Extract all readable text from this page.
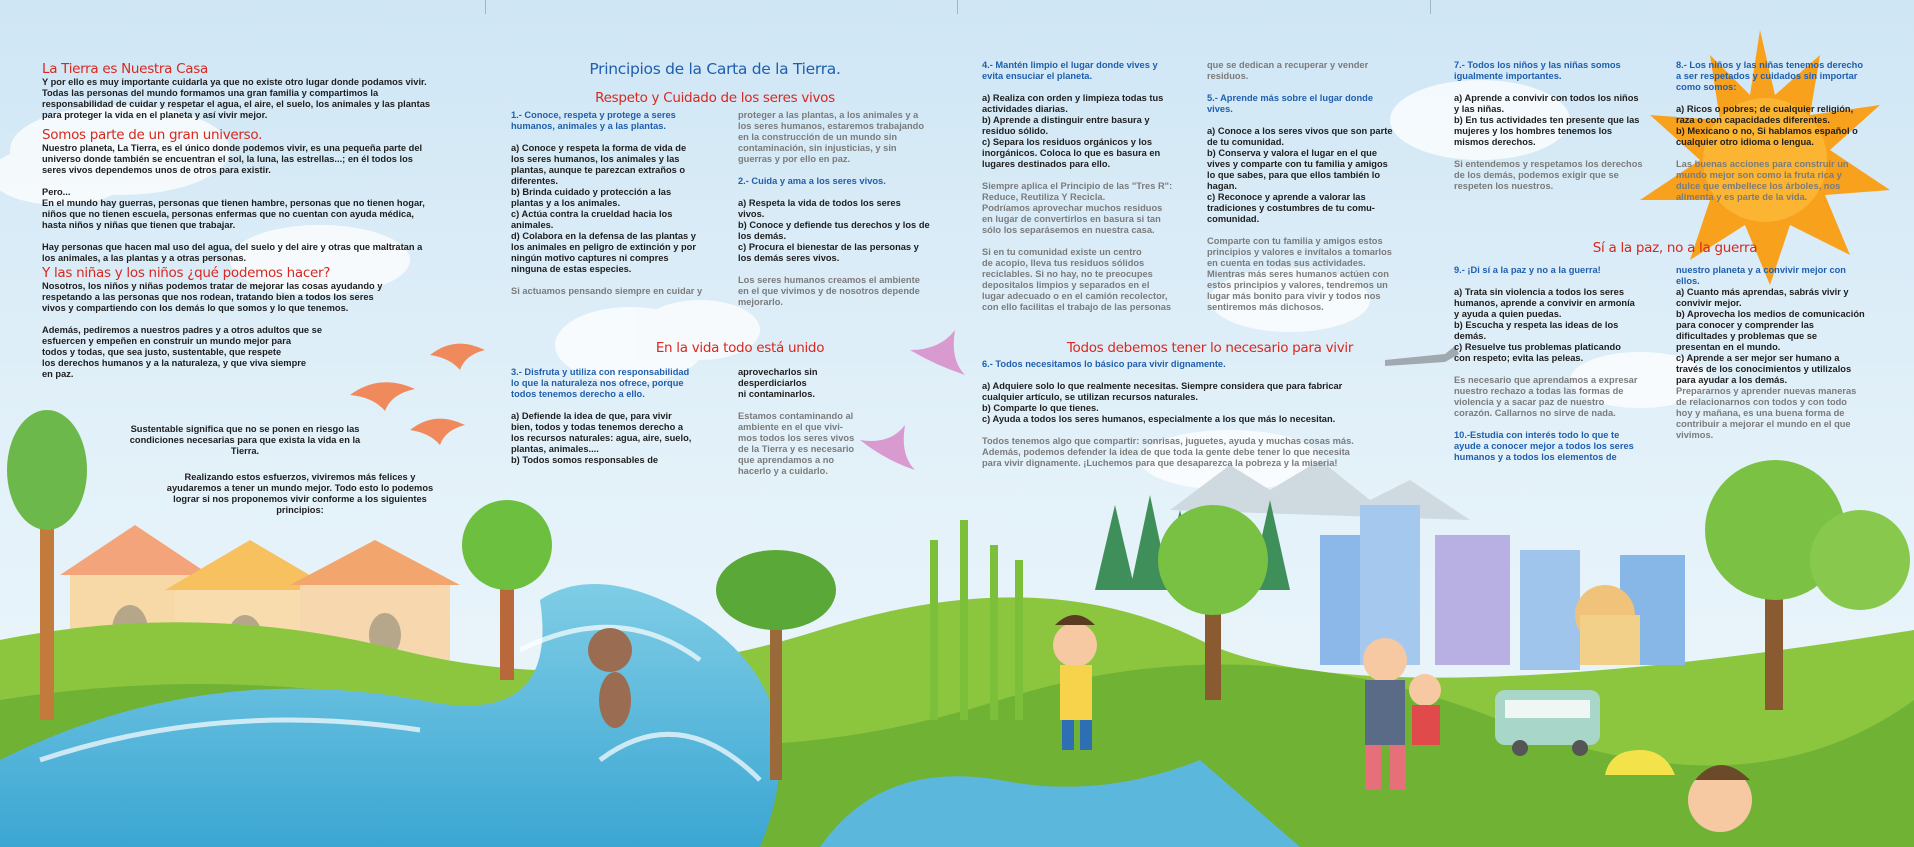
La Tierra es Nuestra Casa

Y por ello es muy importante cuidarla ya que no existe otro lugar donde podamos vivir.
Todas las personas del mundo formamos una gran familia y compartimos la
responsabilidad de cuidar y respetar el agua, el aire, el suelo, los animales y las plantas
para proteger la vida en el planeta y así vivir mejor.

Somos parte de un gran universo.

Nuestro planeta, La Tierra, es el único donde podemos vivir, es una pequeña parte del
universo donde también se encuentran el sol, la luna, las estrellas...; en él todos los
seres vivos dependemos unos de otros para existir.

Pero...
En el mundo hay guerras, personas que tienen hambre, personas que no tienen hogar,
niños que no tienen escuela, personas enfermas que no cuentan con ayuda médica,
hasta niños y niñas que tienen que trabajar.

Hay personas que hacen mal uso del agua, del suelo y del aire y otras que maltratan a
los animales, a las plantas y a otras personas.

Y las niñas y los niños ¿qué podemos hacer?

Nosotros, los niños y niñas podemos tratar de mejorar las cosas ayudando y
respetando a las personas que nos rodean, tratando bien a todos los seres
vivos y compartiendo con los demás lo que somos y lo que tenemos.

Además, pediremos a nuestros padres y a otros adultos que se
esfuercen y empeñen en construir un mundo mejor para
todos y todas, que sea justo, sustentable, que respete
los derechos humanos y a la naturaleza, y que viva siempre
en paz.

Sustentable significa que no se ponen en riesgo las
condiciones necesarias para que exista la vida en la
Tierra.

Realizando estos esfuerzos, viviremos más felices y
ayudaremos a tener un mundo mejor. Todo esto lo podemos
lograr si nos proponemos vivir conforme a los siguientes
principios:

Principios de la Carta de la Tierra.
Respeto y Cuidado de los seres vivos

1.- Conoce, respeta y protege a seres
humanos, animales y a las plantas.

a) Conoce y respeta la forma de vida de
los seres humanos, los animales y las
plantas, aunque te parezcan extraños o
diferentes.
b) Brinda cuidado y protección a las
plantas y a los animales.
c) Actúa contra la crueldad hacia los
animales.
d) Colabora en la defensa de las plantas y
los animales en peligro de extinción y por
ningún motivo captures ni compres
ninguna de estas especies.

Si actuamos pensando siempre en cuidar y

proteger a las plantas, a los animales y a
los seres humanos, estaremos trabajando
en la construcción de un mundo sin
contaminación, sin injusticias, y sin
guerras y por ello en paz.

2.- Cuida y ama a los seres vivos.

a) Respeta la vida de todos los seres
vivos.
b) Conoce y defiende tus derechos y los de
los demás.
c) Procura el bienestar de las personas y
los demás seres vivos.

Los seres humanos creamos el ambiente
en el que vivimos y de nosotros depende
mejorarlo.

En la vida todo está unido

3.- Disfruta y utiliza con responsabilidad
lo que la naturaleza nos ofrece, porque
todos tenemos derecho a ello.

a) Defiende la idea de que, para vivir
bien, todos y todas tenemos derecho a
los recursos naturales: agua, aire, suelo,
plantas, animales....
b) Todos somos responsables de

aprovecharlos sin desperdiciarlos
ni contaminarlos.

Estamos contaminando al
ambiente en el que vivi-
mos todos los seres vivos
de la Tierra y es necesario
que aprendamos a no
hacerlo y a cuidarlo.

4.- Mantén limpio el lugar donde vives y
evita ensuciar el planeta.

a) Realiza con orden y limpieza todas tus
actividades diarias.
b) Aprende a distinguir entre basura y
residuo sólido.
c) Separa los residuos orgánicos y los
inorgánicos. Coloca lo que es basura en
lugares destinados para ello.

Siempre aplica el Principio de las "Tres R":
Reduce, Reutiliza Y Recicla.
Podríamos aprovechar muchos residuos
en lugar de convertirlos en basura si tan
sólo los separásemos en nuestra casa.

Si en tu comunidad existe un centro
de acopio, lleva tus residuos sólidos
reciclables. Si no hay, no te preocupes
depositalos limpios y separados en el
lugar adecuado o en el camión recolector,
con ello facilitas el trabajo de las personas

que se dedican a recuperar y vender
residuos.

5.- Aprende más sobre el lugar donde
vives.

a) Conoce a los seres vivos que son parte
de tu comunidad.
b) Conserva y valora el lugar en el que
vives y comparte con tu familia y amigos
lo que sabes, para que ellos también lo
hagan.
c) Reconoce y aprende a valorar las
tradiciones y costumbres de tu comu-
comunidad.

Comparte con tu familia y amigos estos
principios y valores e invítalos a tomarlos
en cuenta en todas sus actividades.
Mientras más seres humanos actúen con
estos principios y valores, tendremos un
lugar más bonito para vivir y todos nos
sentiremos más dichosos.

Todos debemos tener lo necesario para vivir

6.- Todos necesitamos lo básico para vivir dignamente.

a) Adquiere solo lo que realmente necesitas. Siempre considera que para fabricar
cualquier artículo, se utilizan recursos naturales.
b) Comparte lo que tienes.
c) Ayuda a todos los seres humanos, especialmente a los que más lo necesitan.

Todos tenemos algo que compartir: sonrisas, juguetes, ayuda y muchas cosas más.
Además, podemos defender la idea de que toda la gente debe tener lo que necesita
para vivir dignamente. ¡Luchemos para que desaparezca la pobreza y la miseria!

7.- Todos los niños y las niñas somos
igualmente importantes.

a) Aprende a convivir con todos los niños
y las niñas.
b) En tus actividades ten presente que las
mujeres y los hombres tenemos los
mismos derechos.

Si entendemos y respetamos los derechos
de los demás, podemos exigir que se
respeten los nuestros.

8.- Los niños y las niñas tenemos derecho
a ser respetados y cuidados sin importar
como somos:

a) Ricos o pobres; de cualquier religión,
raza o con capacidades diferentes.
b) Mexicano o no, Si hablamos español o
cualquier otro idioma o lengua.

Las buenas acciones para construir un
mundo mejor son como la fruta rica y
dulce que embellece los árboles, nos
alimenta y es parte de la vida.

Sí a la paz, no a la guerra

9.- ¡Di sí a la paz y no a la guerra!

a) Trata sin violencia a todos los seres
humanos, aprende a convivir en armonía
y ayuda a quien puedas.
b) Escucha y respeta las ideas de los
demás.
c) Resuelve tus problemas platicando
con respeto; evita las peleas.

Es necesario que aprendamos a expresar
nuestro rechazo a todas las formas de
violencia y a sacar paz de nuestro
corazón. Callarnos no sirve de nada.

10.-Estudia con interés todo lo que te
ayude a conocer mejor a todos los seres
humanos y a todos los elementos de

nuestro planeta y a convivir mejor con
ellos.

a) Cuanto más aprendas, sabrás vivir y
convivir mejor.
b) Aprovecha los medios de comunicación
para conocer y comprender las
dificultades y problemas que se
presentan en el mundo.
c) Aprende a ser mejor ser humano a
través de los conocimientos y utilizalos
para ayudar a los demás.

Prepararnos y aprender nuevas maneras
de relacionarnos con todos y con todo
hoy y mañana, es una buena forma de
contribuir a mejorar el mundo en el que
vivimos.
